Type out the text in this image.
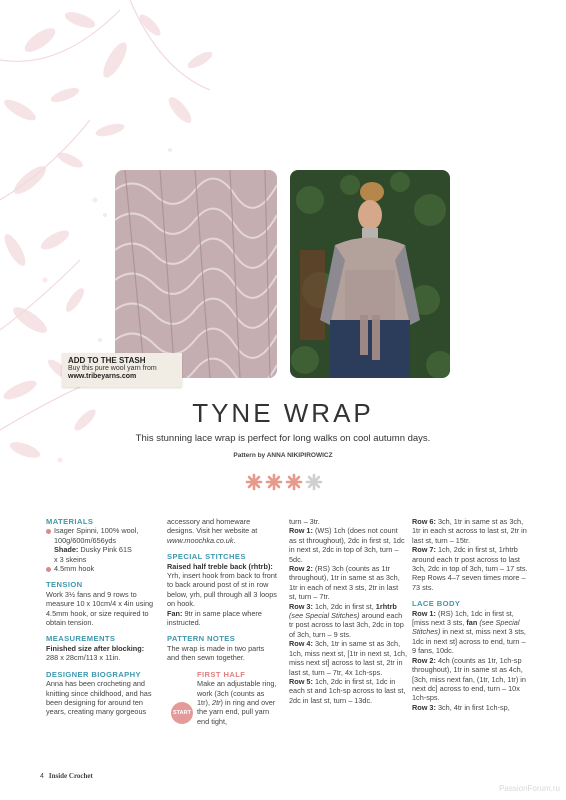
ADD TO THE STASH
Buy this pure wool yarn from
www.tribeyarns.com
TYNE WRAP
This stunning lace wrap is perfect for long walks on cool autumn days.
Pattern by ANNA NIKIPIROWICZ

MATERIALS

Isager Spinni, 100% wool,

100g/600m/656yds

Shade: Dusky Pink 61S

x 3 skeins

4.5mm hook

TENSION

Work 3½ fans and 9 rows to measure 10 x 10cm/4 x 4in using 4.5mm hook, or size required to obtain tension.

MEASUREMENTS

Finished size after blocking:

288 x 28cm/113 x 11in.

DESIGNER BIOGRAPHY

Anna has been crocheting and knitting since childhood, and has been designing for around ten years, creating many gorgeous

accessory and homeware designs. Visit her website at www.moochka.co.uk.

SPECIAL STITCHES

Raised half treble back (rhtrb): Yrh, insert hook from back to front to back around post of st in row below, yrh, pull through all 3 loops on hook.

Fan: 9tr in same place where instructed.

PATTERN NOTES

The wrap is made in two parts and then sewn together.

FIRST HALF

Make an adjustable ring, work (3ch (counts as 1tr), 2tr) in ring and over the yarn end, pull yarn end tight,

START

turn – 3tr.

Row 1: (WS) 1ch (does not count as st throughout), 2dc in first st, 1dc in next st, 2dc in top of 3ch, turn – 5dc.

Row 2: (RS) 3ch (counts as 1tr throughout), 1tr in same st as 3ch, 1tr in each of next 3 sts, 2tr in last st, turn – 7tr.

Row 3: 1ch, 2dc in first st, 1rhtrb (see Special Stitches) around each tr post across to last 3ch, 2dc in top of 3ch, turn – 9 sts.

Row 4: 3ch, 1tr in same st as 3ch, 1ch, miss next st, [1tr in next st, 1ch, miss next st] across to last st, 2tr in last st, turn – 7tr, 4x 1ch-sps.

Row 5: 1ch, 2dc in first st, 1dc in each st and 1ch-sp across to last st, 2dc in last st, turn – 13dc.

Row 6: 3ch, 1tr in same st as 3ch, 1tr in each st across to last st, 2tr in last st, turn – 15tr.

Row 7: 1ch, 2dc in first st, 1rhtrb around each tr post across to last 3ch, 2dc in top of 3ch, turn – 17 sts.

Rep Rows 4–7 seven times more – 73 sts.

LACE BODY

Row 1: (RS) 1ch, 1dc in first st, [miss next 3 sts, fan (see Special Stitches) in next st, miss next 3 sts, 1dc in next st] across to end, turn – 9 fans, 10dc.

Row 2: 4ch (counts as 1tr, 1ch-sp throughout), 1tr in same st as 4ch, [3ch, miss next fan, (1tr, 1ch, 1tr) in next dc] across to end, turn – 10x 1ch-sps.

Row 3: 3ch, 4tr in first 1ch-sp,

4 Inside Crochet
PassionForum.ru
